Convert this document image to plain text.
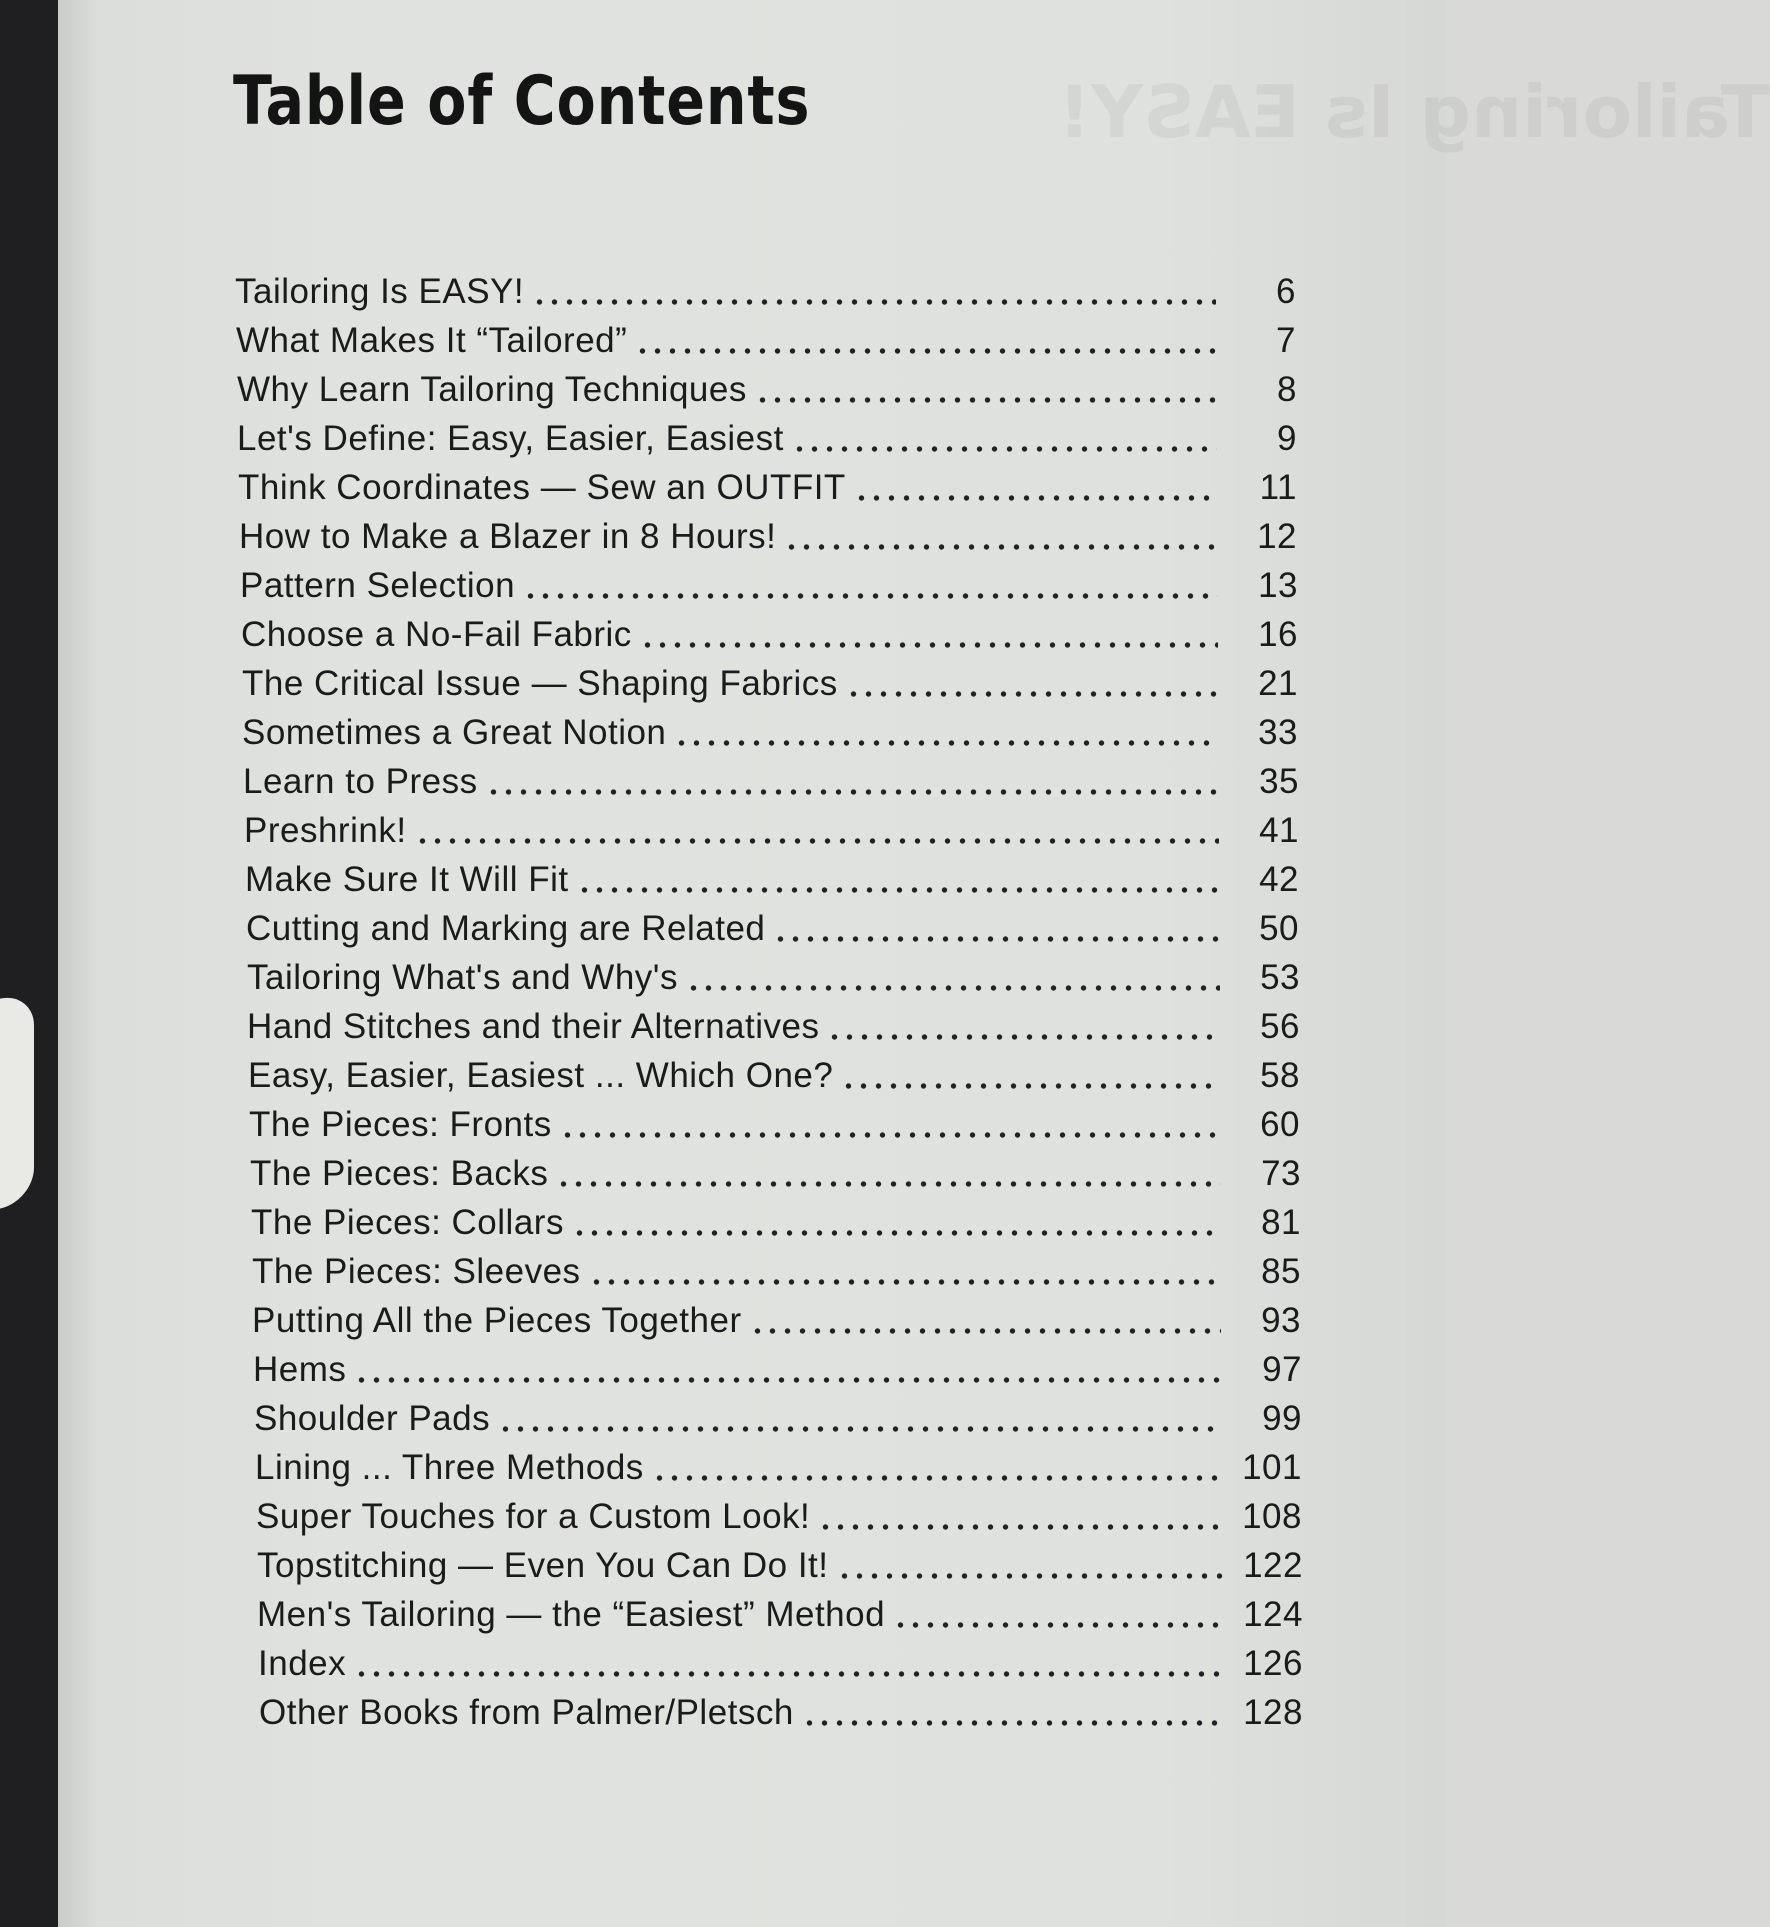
Tailoring Is EASY!
Table of Contents
Tailoring Is EASY!	6
What Makes It “Tailored”	7
Why Learn Tailoring Techniques	8
Let's Define: Easy, Easier, Easiest	9
Think Coordinates — Sew an OUTFIT	11
How to Make a Blazer in 8 Hours!	12
Pattern Selection	13
Choose a No-Fail Fabric	16
The Critical Issue — Shaping Fabrics	21
Sometimes a Great Notion	33
Learn to Press	35
Preshrink!	41
Make Sure It Will Fit	42
Cutting and Marking are Related	50
Tailoring What's and Why's	53
Hand Stitches and their Alternatives	56
Easy, Easier, Easiest ... Which One?	58
The Pieces: Fronts	60
The Pieces: Backs	73
The Pieces: Collars	81
The Pieces: Sleeves	85
Putting All the Pieces Together	93
Hems	97
Shoulder Pads	99
Lining ... Three Methods	101
Super Touches for a Custom Look!	108
Topstitching — Even You Can Do It!	122
Men's Tailoring — the “Easiest” Method	124
Index	126
Other Books from Palmer/Pletsch	128
